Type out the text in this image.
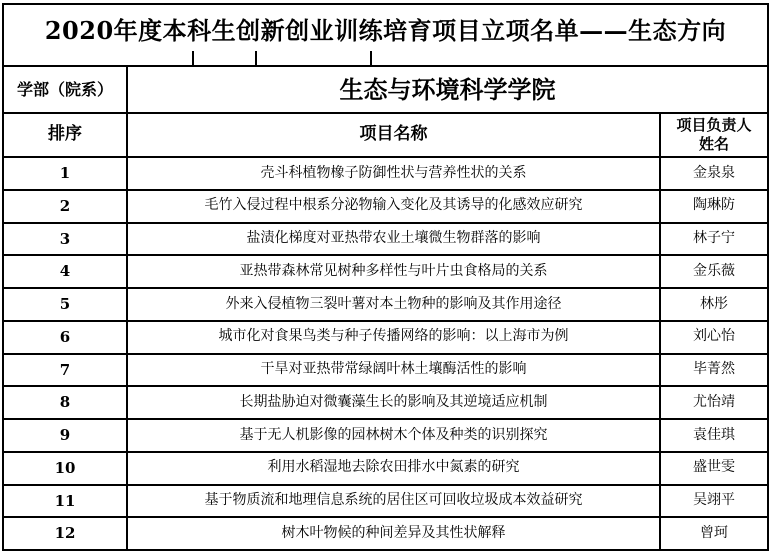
2020年度本科生创新创业训练培育项目立项名单——生态方向
学部（院系）	生态与环境科学学院
排序	项目名称	项目负责人
姓名
1	壳斗科植物橡子防御性状与营养性状的关系	金泉泉
2	毛竹入侵过程中根系分泌物输入变化及其诱导的化感效应研究	陶琳防
3	盐渍化梯度对亚热带农业土壤微生物群落的影响	林子宁
4	亚热带森林常见树种多样性与叶片虫食格局的关系	金乐薇
5	外来入侵植物三裂叶薯对本土物种的影响及其作用途径	林彤
6	城市化对食果鸟类与种子传播网络的影响：以上海市为例	刘心怡
7	干旱对亚热带常绿阔叶林土壤酶活性的影响	毕菁然
8	长期盐胁迫对微囊藻生长的影响及其逆境适应机制	尤怡靖
9	基于无人机影像的园林树木个体及种类的识别探究	袁佳琪
10	利用水稻湿地去除农田排水中氮素的研究	盛世雯
11	基于物质流和地理信息系统的居住区可回收垃圾成本效益研究	吴翊平
12	树木叶物候的种间差异及其性状解释	曾珂
